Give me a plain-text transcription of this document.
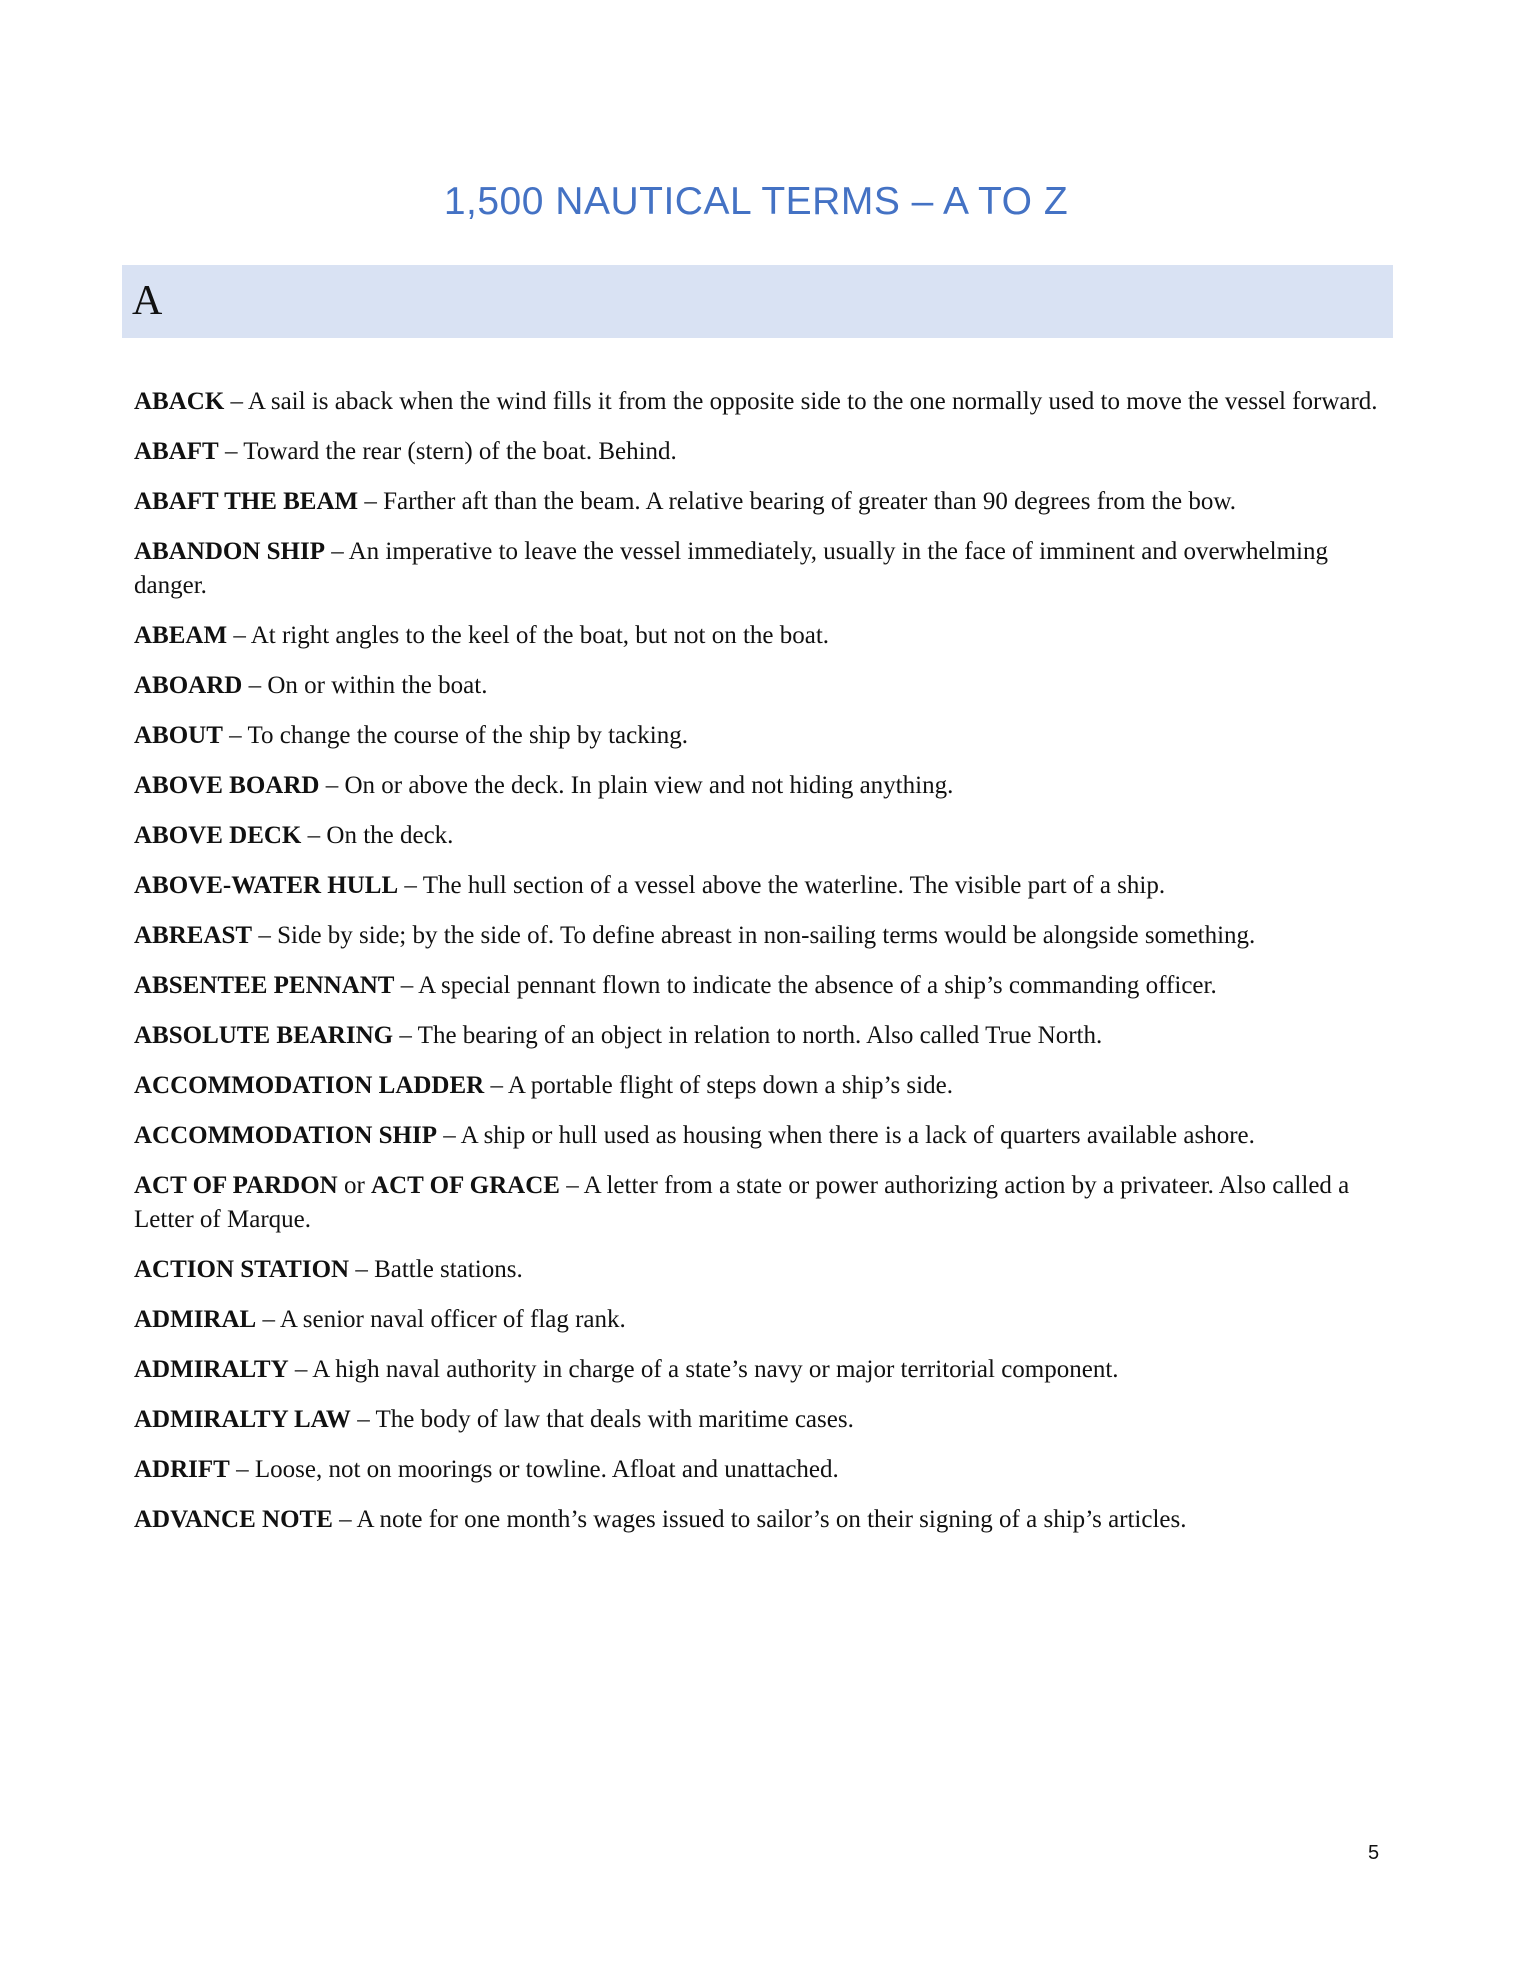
1,500 NAUTICAL TERMS – A TO Z
A

ABACK – A sail is aback when the wind fills it from the opposite side to the one normally used to move the vessel forward.

ABAFT – Toward the rear (stern) of the boat. Behind.

ABAFT THE BEAM – Farther aft than the beam. A relative bearing of greater than 90 degrees from the bow.

ABANDON SHIP – An imperative to leave the vessel immediately, usually in the face of imminent and overwhelming danger.

ABEAM – At right angles to the keel of the boat, but not on the boat.

ABOARD – On or within the boat.

ABOUT – To change the course of the ship by tacking.

ABOVE BOARD – On or above the deck. In plain view and not hiding anything.

ABOVE DECK – On the deck.

ABOVE-WATER HULL – The hull section of a vessel above the waterline. The visible part of a ship.

ABREAST – Side by side; by the side of. To define abreast in non-sailing terms would be alongside something.

ABSENTEE PENNANT – A special pennant flown to indicate the absence of a ship’s commanding officer.

ABSOLUTE BEARING – The bearing of an object in relation to north. Also called True North.

ACCOMMODATION LADDER – A portable flight of steps down a ship’s side.

ACCOMMODATION SHIP – A ship or hull used as housing when there is a lack of quarters available ashore.

ACT OF PARDON or ACT OF GRACE – A letter from a state or power authorizing action by a privateer. Also called a Letter of Marque.

ACTION STATION – Battle stations.

ADMIRAL – A senior naval officer of flag rank.

ADMIRALTY – A high naval authority in charge of a state’s navy or major territorial component.

ADMIRALTY LAW – The body of law that deals with maritime cases.

ADRIFT – Loose, not on moorings or towline. Afloat and unattached.

ADVANCE NOTE – A note for one month’s wages issued to sailor’s on their signing of a ship’s articles.

5
